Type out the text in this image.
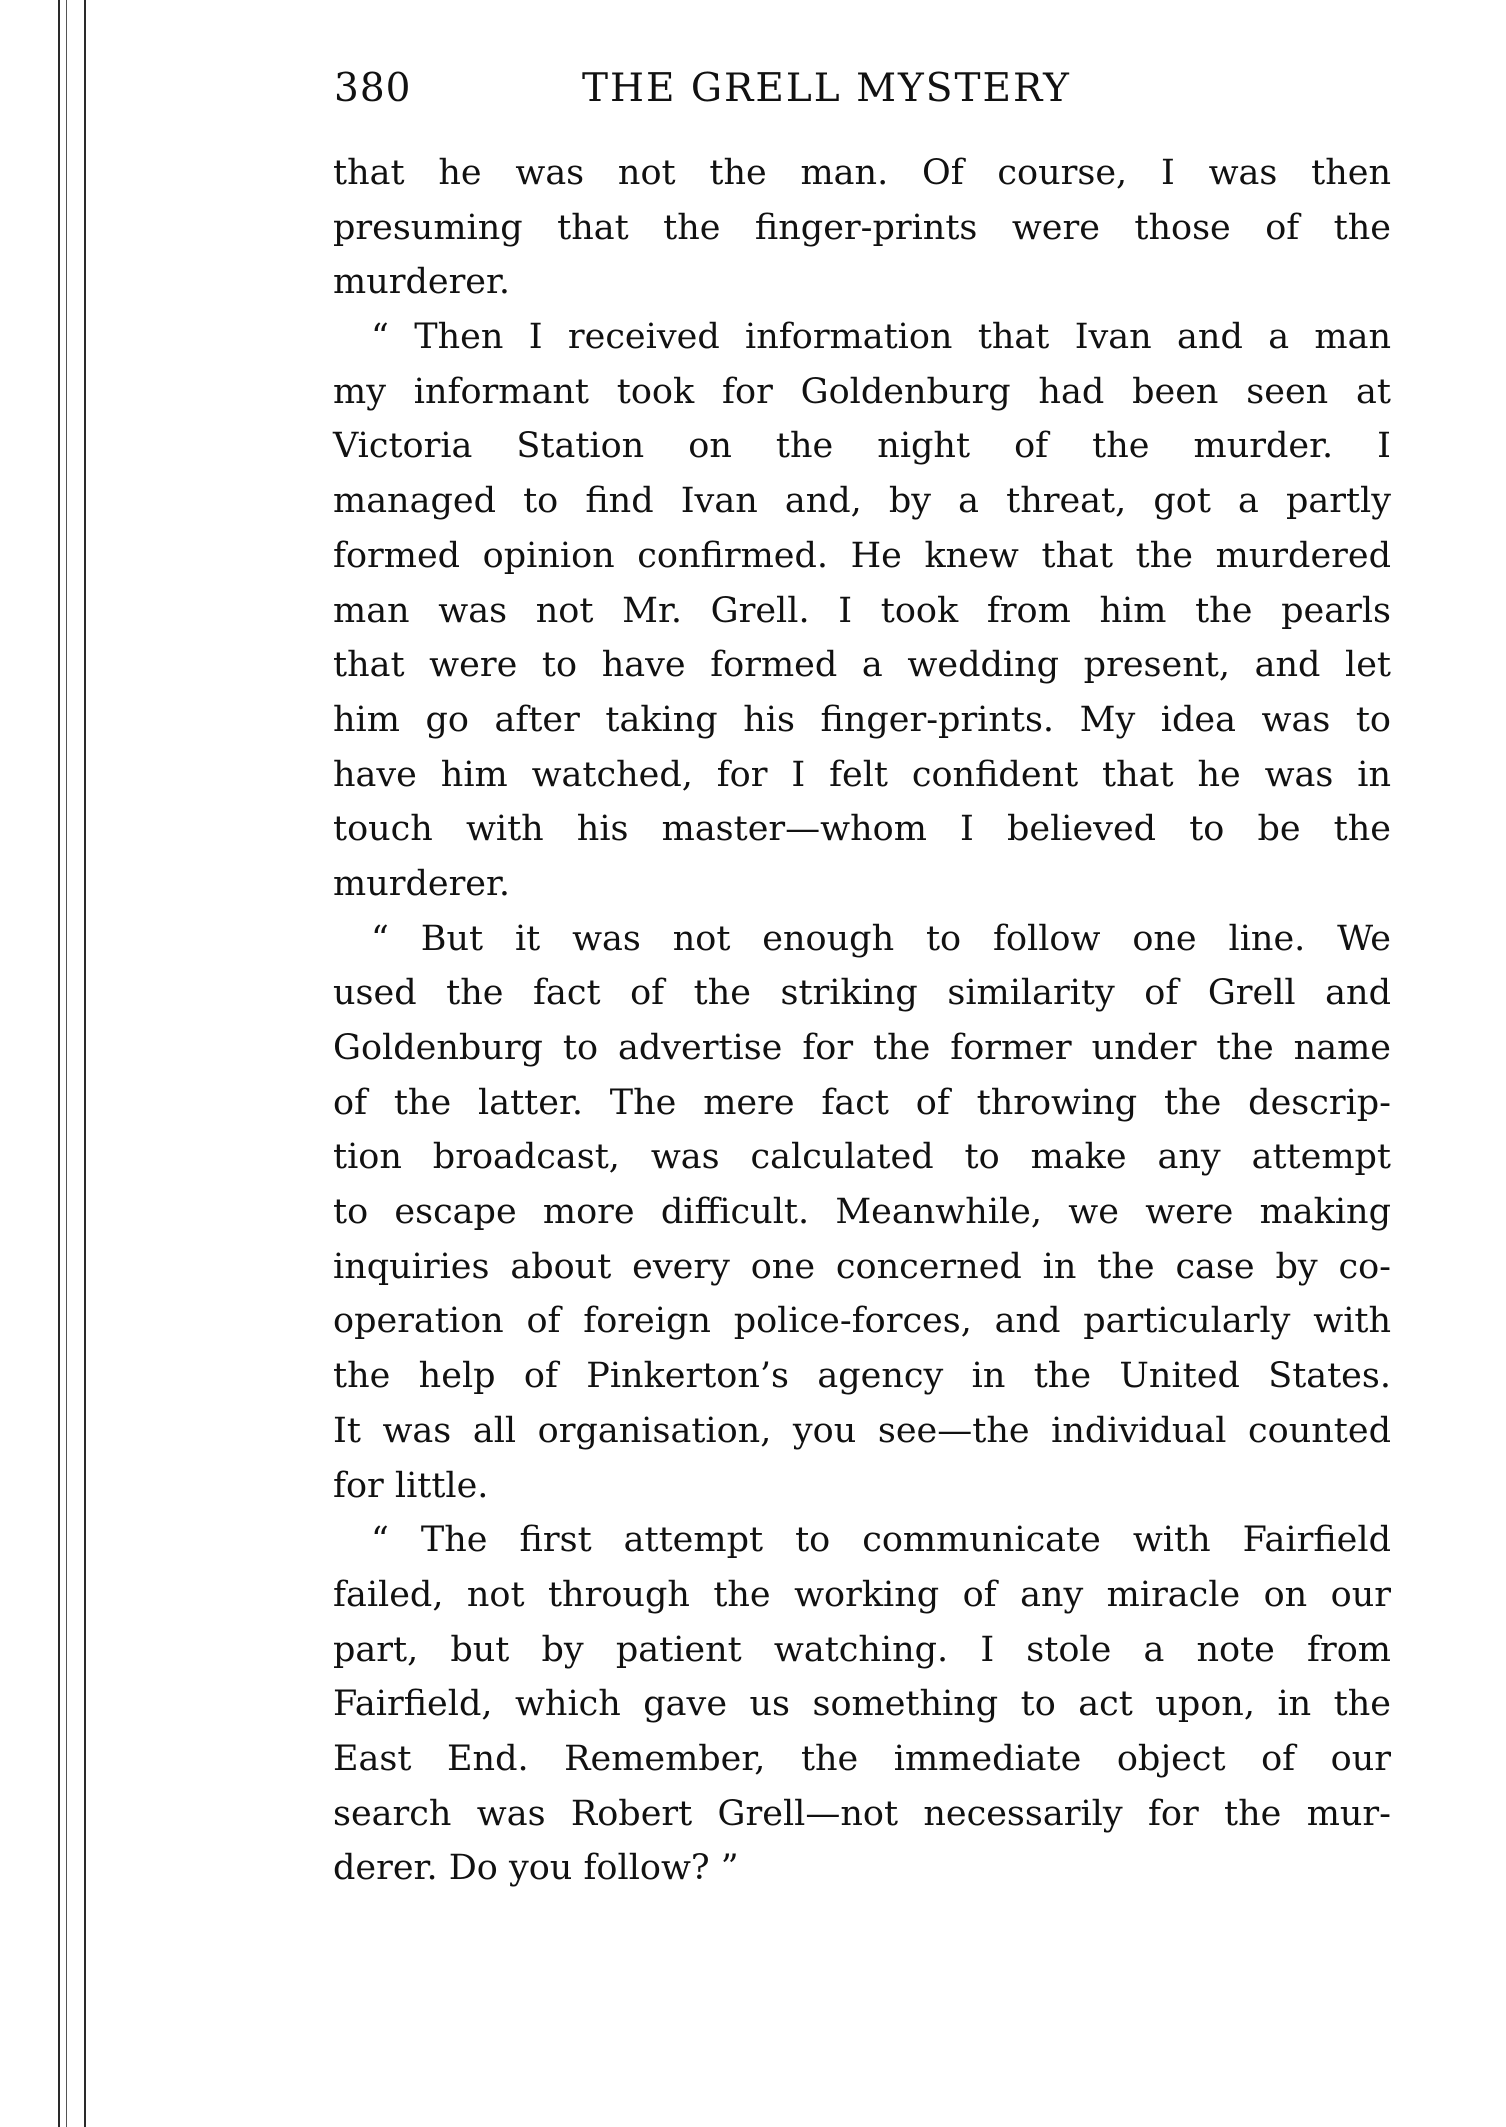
380	THE GRELL MYSTERY
that he was not the man. Of course, I was then
presuming that the finger-prints were those of the
murderer.
“ Then I received information that Ivan and a man
my informant took for Goldenburg had been seen at
Victoria Station on the night of the murder. I
managed to find Ivan and, by a threat, got a partly
formed opinion confirmed. He knew that the murdered
man was not Mr. Grell. I took from him the pearls
that were to have formed a wedding present, and let
him go after taking his finger-prints. My idea was to
have him watched, for I felt confident that he was in
touch with his master—whom I believed to be the
murderer.
“ But it was not enough to follow one line. We
used the fact of the striking similarity of Grell and
Goldenburg to advertise for the former under the name
of the latter. The mere fact of throwing the descrip-
tion broadcast, was calculated to make any attempt
to escape more difficult. Meanwhile, we were making
inquiries about every one concerned in the case by co-
operation of foreign police-forces, and particularly with
the help of Pinkerton’s agency in the United States.
It was all organisation, you see—the individual counted
for little.
“ The first attempt to communicate with Fairfield
failed, not through the working of any miracle on our
part, but by patient watching. I stole a note from
Fairfield, which gave us something to act upon, in the
East End. Remember, the immediate object of our
search was Robert Grell—not necessarily for the mur-
derer. Do you follow? ”
